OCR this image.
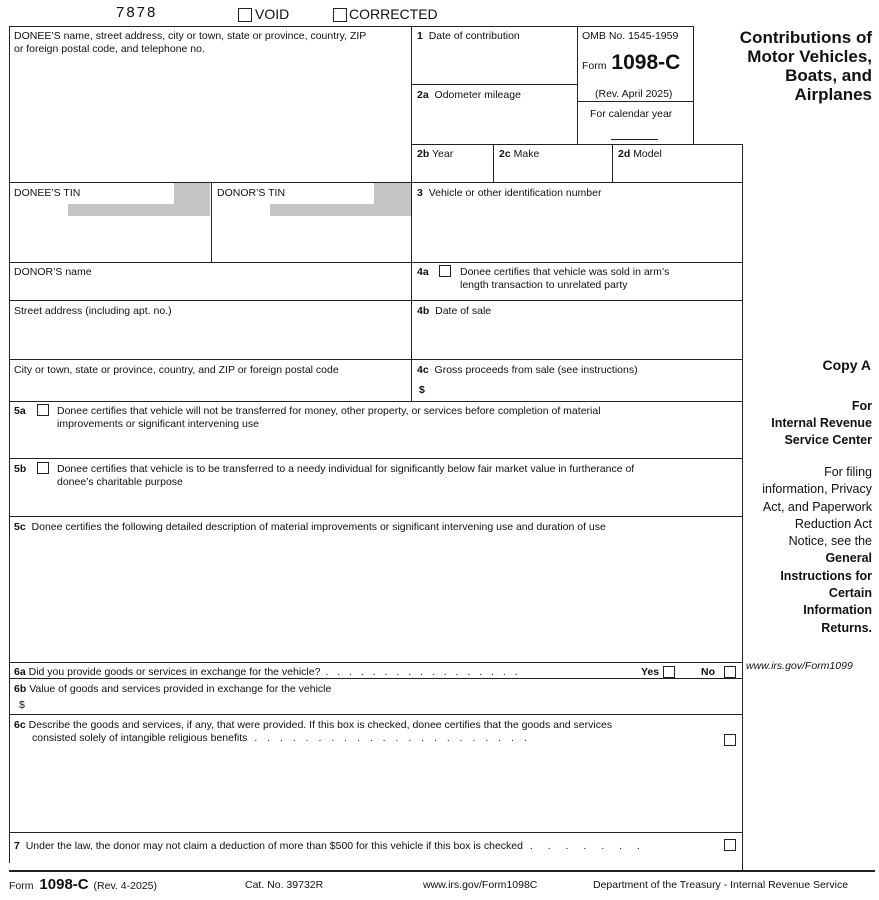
7878	VOID	CORRECTED
DONEE’S name, street address, city or town, state or province, country, ZIP
or foreign postal code, and telephone no.
1 Date of contribution	OMB No. 1545-1959
Form 1098-C
(Rev. April 2025)
For calendar year
Contributions of
Motor Vehicles,
Boats, and
Airplanes
2a Odometer mileage
2b Year	2c Make	2d Model
DONEE’S TIN	DONOR’S TIN	3 Vehicle or other identification number
DONOR’S name	4a	Donee certifies that vehicle was sold in arm’s
length transaction to unrelated party
Street address (including apt. no.)	4b Date of sale
City or town, state or province, country, and ZIP or foreign postal code	4c Gross proceeds from sale (see instructions)
$
5a	Donee certifies that vehicle will not be transferred for money, other property, or services before completion of material
improvements or significant intervening use
5b	Donee certifies that vehicle is to be transferred to a needy individual for significantly below fair market value in furtherance of
donee’s charitable purpose
5c Donee certifies the following detailed description of material improvements or significant intervening use and duration of use
6a Did you provide goods or services in exchange for the vehicle? . . . . . . . . . . . . . . . . .	Yes	No
6b Value of goods and services provided in exchange for the vehicle
$
6c Describe the goods and services, if any, that were provided. If this box is checked, donee certifies that the goods and services
consisted solely of intangible religious benefits . . . . . . . . . . . . . . . . . . . . . .
7 Under the law, the donor may not claim a deduction of more than $500 for this vehicle if this box is checked . . . . . . .
Copy A
For
Internal Revenue
Service Center
For filing
information, Privacy
Act, and Paperwork
Reduction Act
Notice, see the
General
Instructions for
Certain
Information
Returns.
www.irs.gov/Form1099
Form 1098-C (Rev. 4-2025)	Cat. No. 39732R	www.irs.gov/Form1098C	Department of the Treasury - Internal Revenue Service
